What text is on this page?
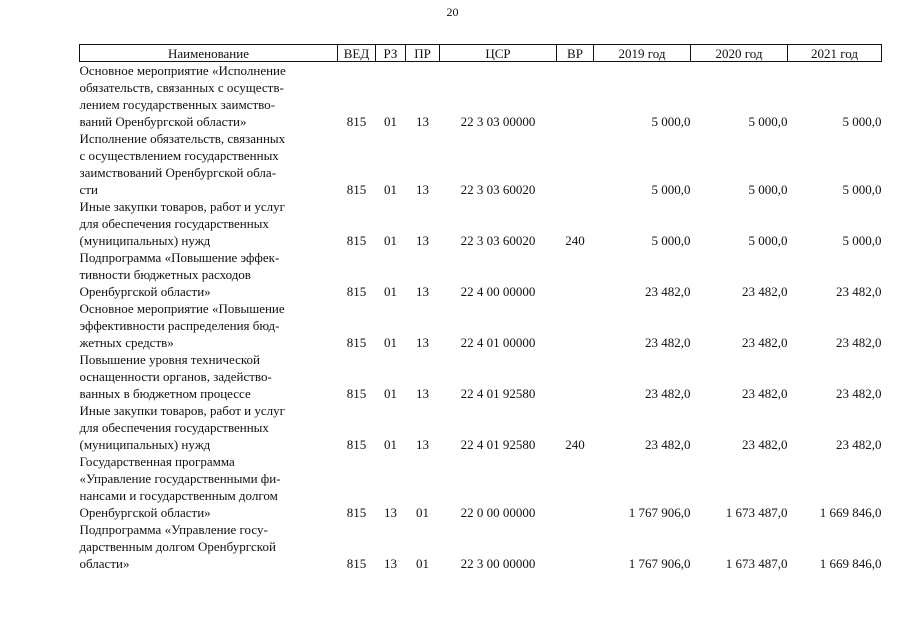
20
Наименование	ВЕД	РЗ	ПР	ЦСР	ВР	2019 год	2020 год	2021 год
Основное мероприятие «Исполнение
обязательств, связанных с осуществ-
лением государственных заимство-
ваний Оренбургской области»	815	01	13	22 3 03 00000		5 000,0	5 000,0	5 000,0
Исполнение обязательств, связанных
с осуществлением государственных
заимствований Оренбургской обла-
сти	815	01	13	22 3 03 60020		5 000,0	5 000,0	5 000,0
Иные закупки товаров, работ и услуг
для обеспечения государственных
(муниципальных) нужд	815	01	13	22 3 03 60020	240	5 000,0	5 000,0	5 000,0
Подпрограмма «Повышение эффек-
тивности бюджетных расходов
Оренбургской области»	815	01	13	22 4 00 00000		23 482,0	23 482,0	23 482,0
Основное мероприятие «Повышение
эффективности распределения бюд-
жетных средств»	815	01	13	22 4 01 00000		23 482,0	23 482,0	23 482,0
Повышение уровня технической
оснащенности органов, задейство-
ванных в бюджетном процессе	815	01	13	22 4 01 92580		23 482,0	23 482,0	23 482,0
Иные закупки товаров, работ и услуг
для обеспечения государственных
(муниципальных) нужд	815	01	13	22 4 01 92580	240	23 482,0	23 482,0	23 482,0
Государственная программа
«Управление государственными фи-
нансами и государственным долгом
Оренбургской области»	815	13	01	22 0 00 00000		1 767 906,0	1 673 487,0	1 669 846,0
Подпрограмма «Управление госу-
дарственным долгом Оренбургской
области»	815	13	01	22 3 00 00000		1 767 906,0	1 673 487,0	1 669 846,0
